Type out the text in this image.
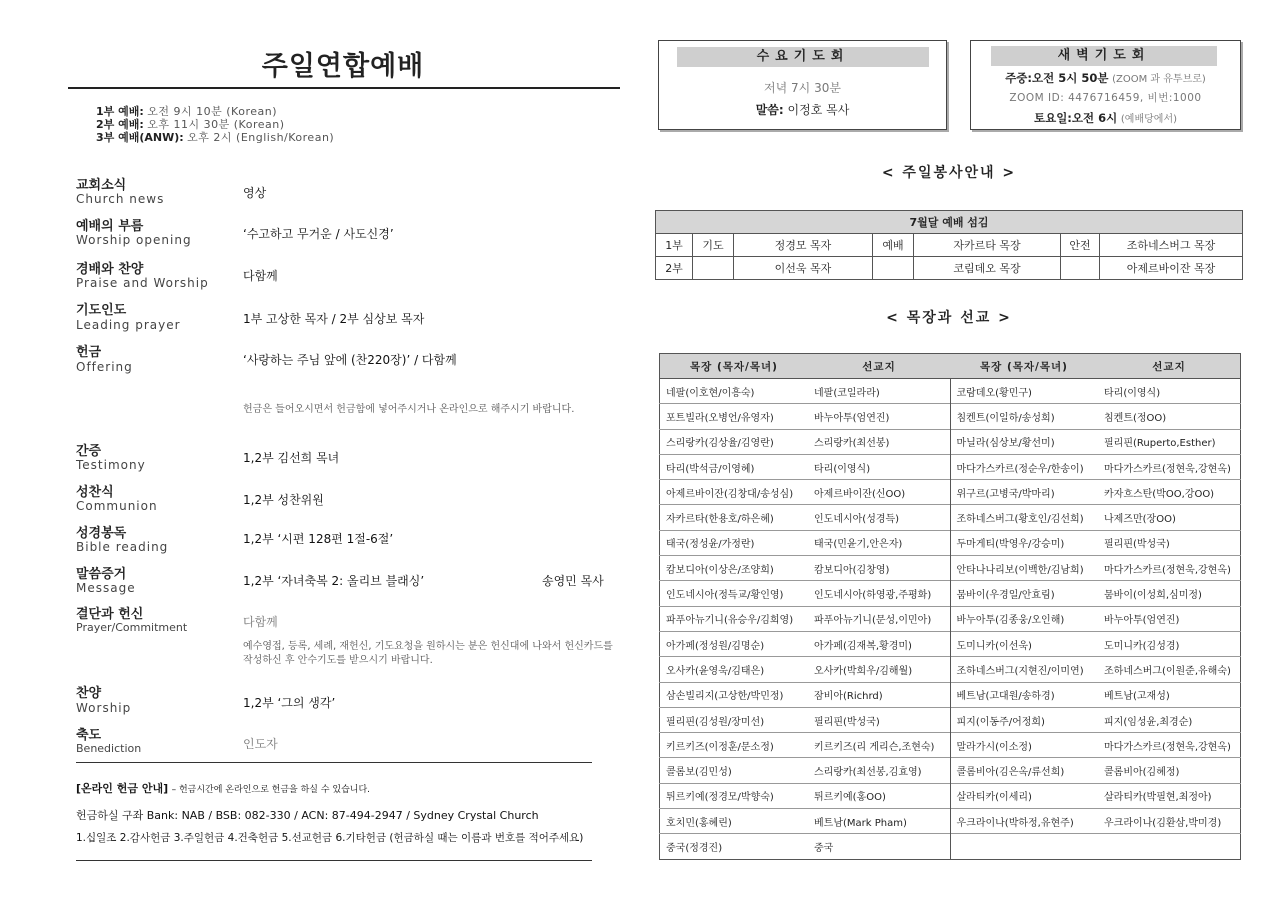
주일연합예배
1부 예배: 오전 9시 10분 (Korean)
2부 예배: 오후 11시 30분 (Korean)
3부 예배(ANW): 오후 2시 (English/Korean)
교회소식
Church news	영상
예배의 부름
Worship opening	‘수고하고 무거운 / 사도신경’
경배와 찬양
Praise and Worship	다함께
기도인도
Leading prayer	1부 고상한 목자 / 2부 심상보 목자
헌금
Offering	‘사랑하는 주님 앞에 (찬220장)’ / 다함께
헌금은 들어오시면서 헌금함에 넣어주시거나 온라인으로 해주시기 바랍니다.
간증
Testimony	1,2부 김선희 목녀
성찬식
Communion	1,2부 성찬위원
성경봉독
Bible reading
1,2부 ‘시편 128편 1절-6절’
말씀증거
Message	1,2부 ‘자녀축복 2: 올리브 블래싱’	송영민 목사
결단과 헌신
Prayer/Commitment	다함께
예수영접, 등록, 세례, 재헌신, 기도요청을 원하시는 분은 헌신대에 나와서 헌신카드를 작성하신 후 안수기도를 받으시기 바랍니다.
찬양
Worship	1,2부 ‘그의 생각’
축도
Benediction	인도자
[온라인 헌금 안내] – 헌금시간에 온라인으로 헌금을 하실 수 있습니다.
헌금하실 구좌 Bank: NAB / BSB: 082-330 / ACN: 87-494-2947 / Sydney Crystal Church
1.십일조 2.감사헌금 3.주일헌금 4.건축헌금 5.선교헌금 6.기타헌금 (헌금하실 때는 이름과 번호를 적어주세요)
수요기도회
저녁 7시 30분
말씀: 이정호 목사
새벽기도회
주중:오전 5시 50분 (ZOOM 과 유투브로)
ZOOM ID: 4476716459, 비번:1000
토요일:오전 6시 (예배당에서)
< 주일봉사안내 >
7월달 예배 섬김						
1부	기도	정경모 목자	예배	자카르타 목장	안전	조하네스버그 목장
2부		이선욱 목자		코림데오 목장		아제르바이잔 목장
< 목장과 선교 >
목장 (목자/목녀)	선교지	목장 (목자/목녀)	선교지
네팔(이호현/이흥숙)	네팔(코일라라)	코람데오(황민구)	타리(이영식)
포트빌라(오병언/유영자)	바누아투(엄연진)	침켄트(이일하/송성희)	침켄트(정OO)
스리랑카(김상율/김영란)	스리랑카(최선봉)	마닐라(심상보/황선미)	필리핀(Ruperto,Esther)
타리(박석금/이영혜)	타리(이영식)	마다가스카르(정순우/한송이)	마다가스카르(정현욱,강현옥)
아제르바이잔(김창대/송성심)	아제르바이잔(신OO)	위구르(고병국/박마리)	카자흐스탄(박OO,강OO)
자카르타(한용호/하은혜)	인도네시아(성경득)	조하네스버그(황호인/김선희)	나제즈만(장OO)
태국(정성윤/가정란)	태국(민윤기,안은자)	두마게티(박영우/강승미)	필리핀(박성국)
캄보디아(이상은/조양희)	캄보디아(김창영)	안타나나리보(이백한/김남희)	마다가스카르(정현욱,강현옥)
인도네시아(정득교/황인영)	인도네시아(하영광,주평화)	뭄바이(우경일/안효림)	뭄바이(이성희,심미정)
파푸아뉴기니(유승우/김희영)	파푸아뉴기니(문성,이민아)	바누아투(김종웅/오인해)	바누아투(엄연진)
아가페(정성원/김명순)	아가페(김재복,황경미)	도미니카(이선욱)	도미니카(김성경)
오사카(윤영욱/김태은)	오사카(박희우/김해월)	조하네스버그(지현진/이미연)	조하네스버그(이원준,유해숙)
삼손빌리지(고상한/박민정)	잠비아(Richrd)	베트남(고대원/송하경)	베트남(고재성)
필리핀(김성원/장미선)	필리핀(박성국)	피지(이동주/어정희)	피지(임성윤,최경순)
키르키즈(이정훈/문소정)	키르키즈(리 게리슨,조현숙)	말라가시(이소정)	마다가스카르(정현욱,강현옥)
콜롬보(김민성)	스리랑카(최선봉,김효영)	콜롬비아(김은옥/류선희)	콜롬비아(김혜정)
튀르키예(정경모/박향숙)	튀르키예(홍OO)	살라티카(이세리)	살라티카(박필현,최정아)
호치민(홍혜린)	베트남(Mark Pham)	우크라이나(박하정,유현주)	우크라이나(김환삼,박미경)
중국(정경진)	중국		
